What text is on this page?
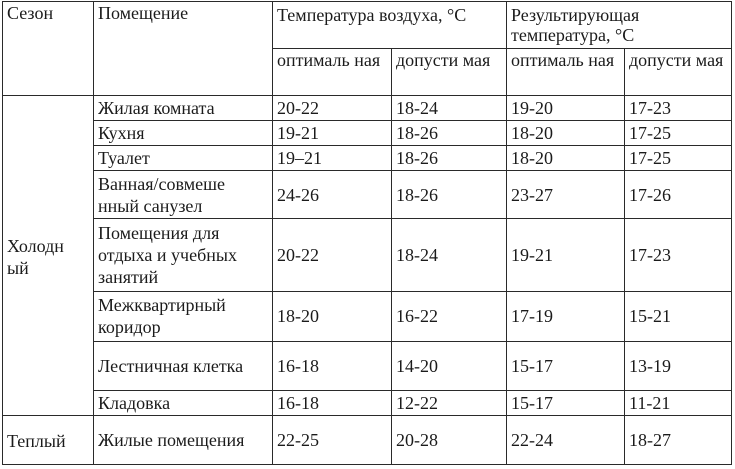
Сезон	Помещение	Температура воздуха, °С		Результирующая температура, °С	
		оптималь ная	допусти мая	оптималь ная	допусти мая
Холодн ый	Жилая комната	20-22	18-24	19-20	17-23
	Кухня	19-21	18-26	18-20	17-25
	Туалет	19–21	18-26	18-20	17-25
	Ванная/совмеше нный санузел	24-26	18-26	23-27	17-26
	Помещения для отдыха и учебных занятий	20-22	18-24	19-21	17-23
	Межквартирный коридор	18-20	16-22	17-19	15-21
	Лестничная клетка	16-18	14-20	15-17	13-19
	Кладовка	16-18	12-22	15-17	11-21
Теплый	Жилые помещения	22-25	20-28	22-24	18-27
